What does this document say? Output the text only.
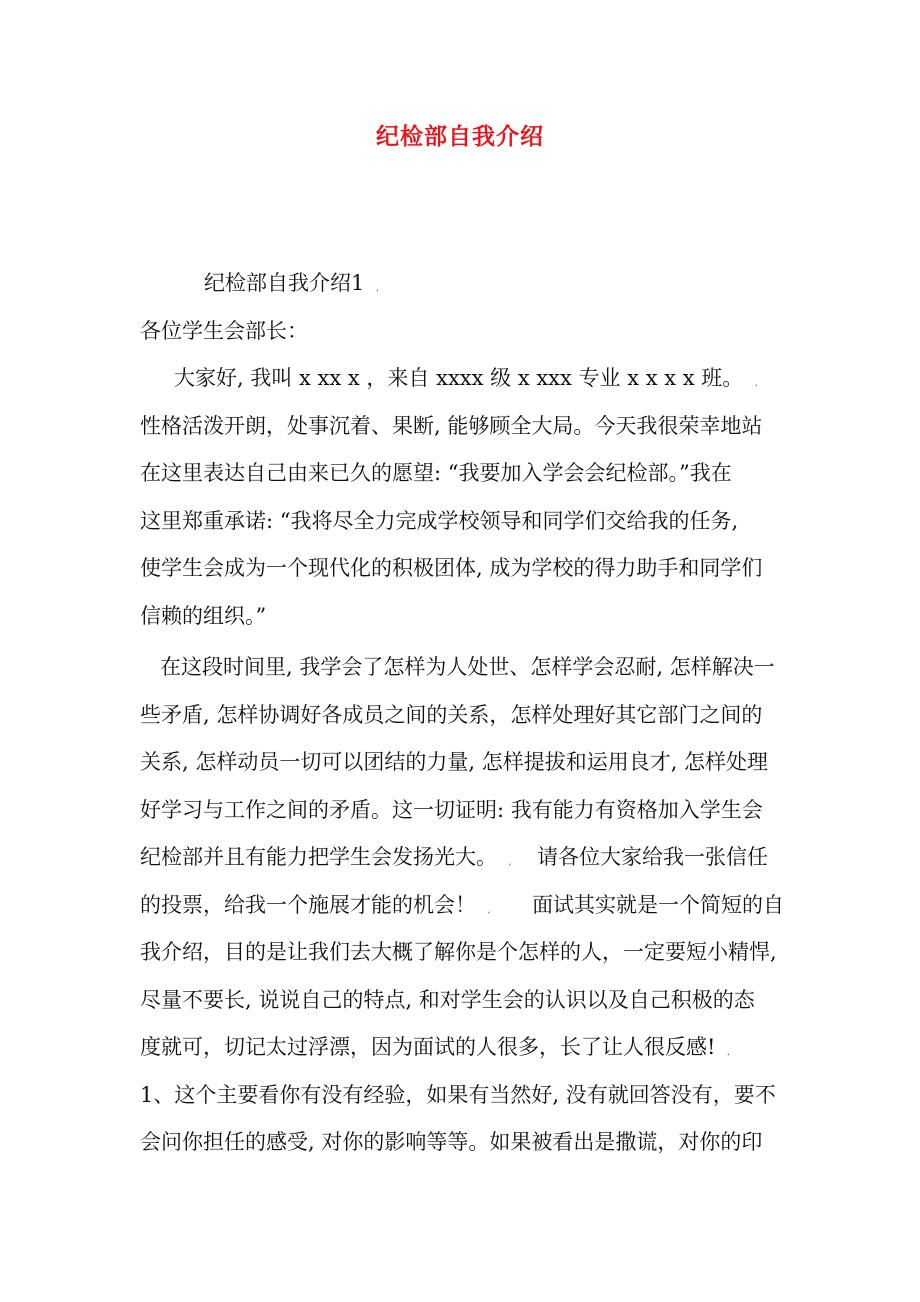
纪检部自我介绍
纪检部自我介绍1
各位学生会部长：
大家好, 我叫 x xx x ，来自 xxxx 级 x xxx 专业 x x x x 班。
性格活泼开朗，处事沉着、果断, 能够顾全大局。今天我很荣幸地站
在这里表达自己由来已久的愿望: “我要加入学会会纪检部。”我在
这里郑重承诺: “我将尽全力完成学校领导和同学们交给我的任务,
使学生会成为一个现代化的积极团体, 成为学校的得力助手和同学们
信赖的组织。”
在这段时间里, 我学会了怎样为人处世、怎样学会忍耐, 怎样解决一
些矛盾, 怎样协调好各成员之间的关系，怎样处理好其它部门之间的
关系, 怎样动员一切可以团结的力量, 怎样提拔和运用良才, 怎样处理
好学习与工作之间的矛盾。这一切证明: 我有能力有资格加入学生会
纪检部并且有能力把学生会发扬光大。 请各位大家给我一张信任
的投票，给我一个施展才能的机会！	面试其实就是一个简短的自
我介绍，目的是让我们去大概了解你是个怎样的人，一定要短小精悍,
尽量不要长, 说说自己的特点, 和对学生会的认识以及自己积极的态
度就可，切记太过浮漂，因为面试的人很多，长了让人很反感!
1、这个主要看你有没有经验，如果有当然好, 没有就回答没有，要不
会问你担任的感受, 对你的影响等等。如果被看出是撒谎，对你的印
